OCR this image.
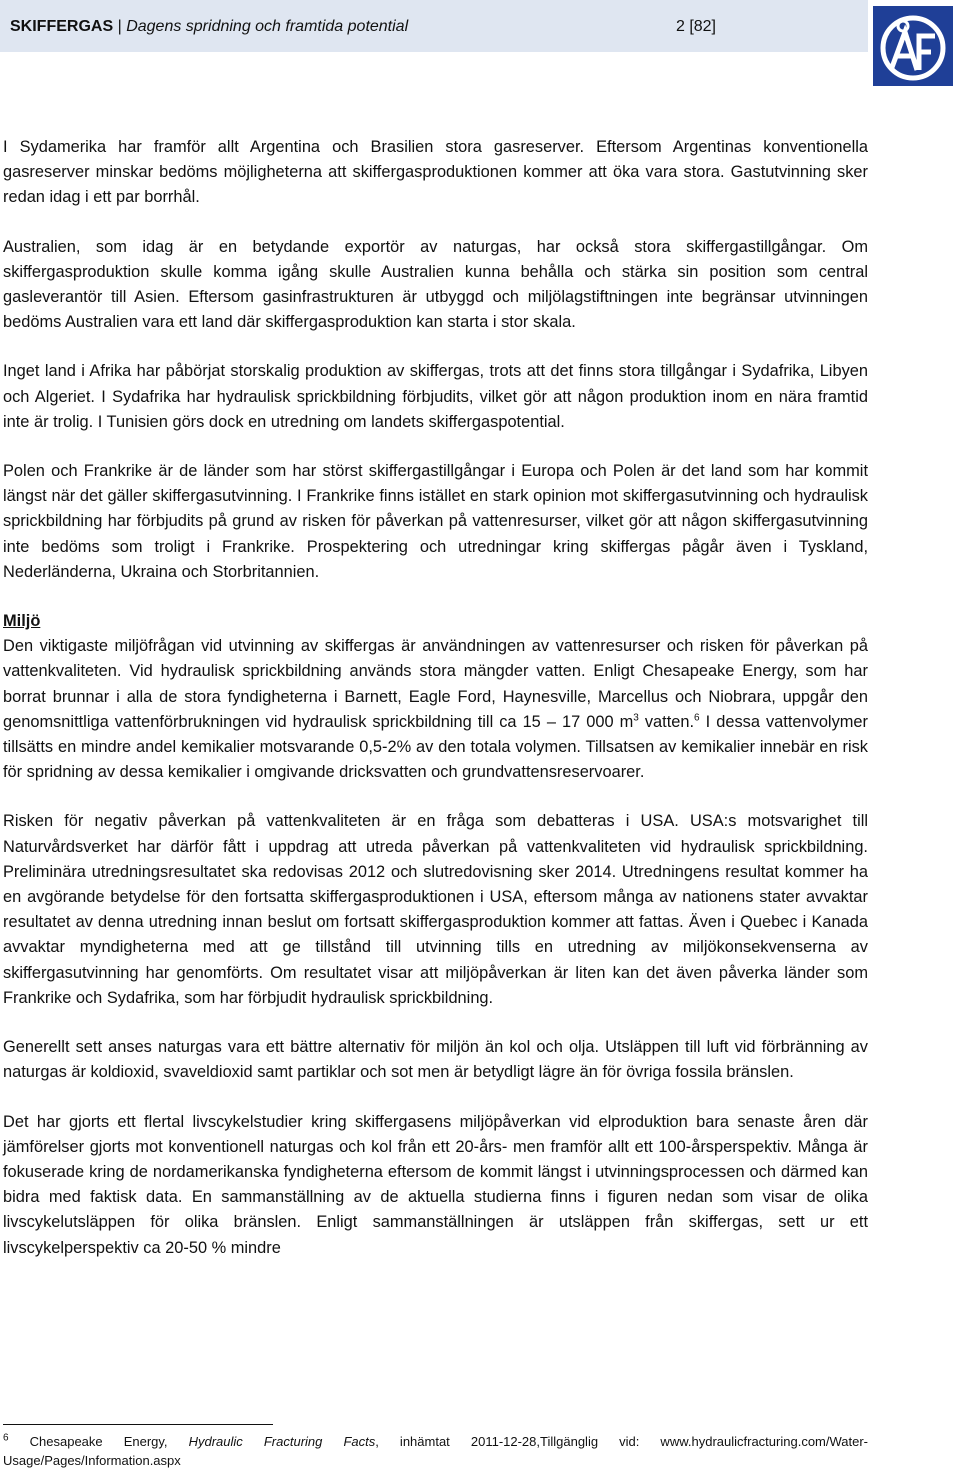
SKIFFERGAS | Dagens spridning och framtida potential	2 [82]

I Sydamerika har framför allt Argentina och Brasilien stora gasreserver. Eftersom Argentinas konventionella gasreserver minskar bedöms möjligheterna att skiffergasproduktionen kommer att öka vara stora. Gastutvinning sker redan idag i ett par borrhål.

Australien, som idag är en betydande exportör av naturgas, har också stora skiffergastillgångar. Om skiffergasproduktion skulle komma igång skulle Australien kunna behålla och stärka sin position som central gasleverantör till Asien. Eftersom gasinfrastrukturen är utbyggd och miljölagstiftningen inte begränsar utvinningen bedöms Australien vara ett land där skiffergasproduktion kan starta i stor skala.

Inget land i Afrika har påbörjat storskalig produktion av skiffergas, trots att det finns stora tillgångar i Sydafrika, Libyen och Algeriet. I Sydafrika har hydraulisk sprickbildning förbjudits, vilket gör att någon produktion inom en nära framtid inte är trolig. I Tunisien görs dock en utredning om landets skiffergaspotential.

Polen och Frankrike är de länder som har störst skiffergastillgångar i Europa och Polen är det land som har kommit längst när det gäller skiffergasutvinning. I Frankrike finns istället en stark opinion mot skiffergasutvinning och hydraulisk sprickbildning har förbjudits på grund av risken för påverkan på vattenresurser, vilket gör att någon skiffergasutvinning inte bedöms som troligt i Frankrike. Prospektering och utredningar kring skiffergas pågår även i Tyskland, Nederländerna, Ukraina och Storbritannien.

Miljö

Den viktigaste miljöfrågan vid utvinning av skiffergas är användningen av vattenresurser och risken för påverkan på vattenkvaliteten. Vid hydraulisk sprickbildning används stora mängder vatten. Enligt Chesapeake Energy, som har borrat brunnar i alla de stora fyndigheterna i Barnett, Eagle Ford, Haynesville, Marcellus och Niobrara, uppgår den genomsnittliga vattenförbrukningen vid hydraulisk sprickbildning till ca 15 – 17 000 $m^3$ vatten.$^6$ I dessa vattenvolymer tillsätts en mindre andel kemikalier motsvarande 0,5-2% av den totala volymen. Tillsatsen av kemikalier innebär en risk för spridning av dessa kemikalier i omgivande dricksvatten och grundvattensreservoarer.

Risken för negativ påverkan på vattenkvaliteten är en fråga som debatteras i USA. USA:s motsvarighet till Naturvårdsverket har därför fått i uppdrag att utreda påverkan på vattenkvaliteten vid hydraulisk sprickbildning. Preliminära utredningsresultatet ska redovisas 2012 och slutredovisning sker 2014. Utredningens resultat kommer ha en avgörande betydelse för den fortsatta skiffergasproduktionen i USA, eftersom många av nationens stater avvaktar resultatet av denna utredning innan beslut om fortsatt skiffergasproduktion kommer att fattas. Även i Quebec i Kanada avvaktar myndigheterna med att ge tillstånd till utvinning tills en utredning av miljökonsekvenserna av skiffergasutvinning har genomförts. Om resultatet visar att miljöpåverkan är liten kan det även påverka länder som Frankrike och Sydafrika, som har förbjudit hydraulisk sprickbildning.

Generellt sett anses naturgas vara ett bättre alternativ för miljön än kol och olja. Utsläppen till luft vid förbränning av naturgas är koldioxid, svaveldioxid samt partiklar och sot men är betydligt lägre än för övriga fossila bränslen.

Det har gjorts ett flertal livscykelstudier kring skiffergasens miljöpåverkan vid elproduktion bara senaste åren där jämförelser gjorts mot konventionell naturgas och kol från ett 20-års- men framför allt ett 100-årsperspektiv. Många är fokuserade kring de nordamerikanska fyndigheterna eftersom de kommit längst i utvinningsprocessen och därmed kan bidra med faktisk data. En sammanställning av de aktuella studierna finns i figuren nedan som visar de olika livscykelutsläppen för olika bränslen. Enligt sammanställningen är utsläppen från skiffergas, sett ur ett livscykelperspektiv ca 20-50 % mindre

$^6$ Chesapeake Energy, Hydraulic Fracturing Facts, inhämtat 2011-12-28,Tillgänglig vid: www.hydraulicfracturing.com/Water-Usage/Pages/Information.aspx
